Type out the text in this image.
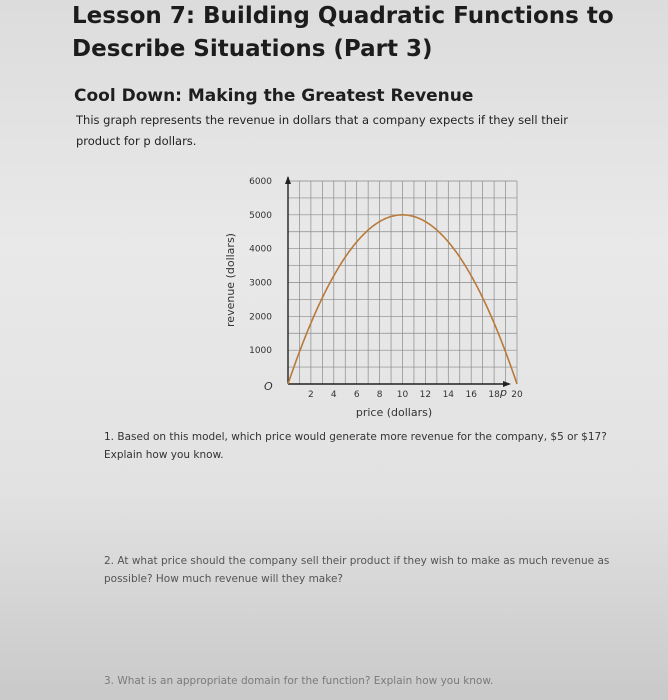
Lesson 7: Building Quadratic Functions to
Describe Situations (Part 3)
Cool Down: Making the Greatest Revenue
This graph represents the revenue in dollars that a company expects if they sell their
product for p dollars.
2 4 6 8 10 12 14 16 18 20
1000
2000
3000
4000
5000
6000
price (dollars)
revenue (dollars)
O	p
1. Based on this model, which price would generate more revenue for the company, $5 or $17? Explain how you know.
2. At what price should the company sell their product if they wish to make as much revenue as possible? How much revenue will they make?
3. What is an appropriate domain for the function? Explain how you know.
